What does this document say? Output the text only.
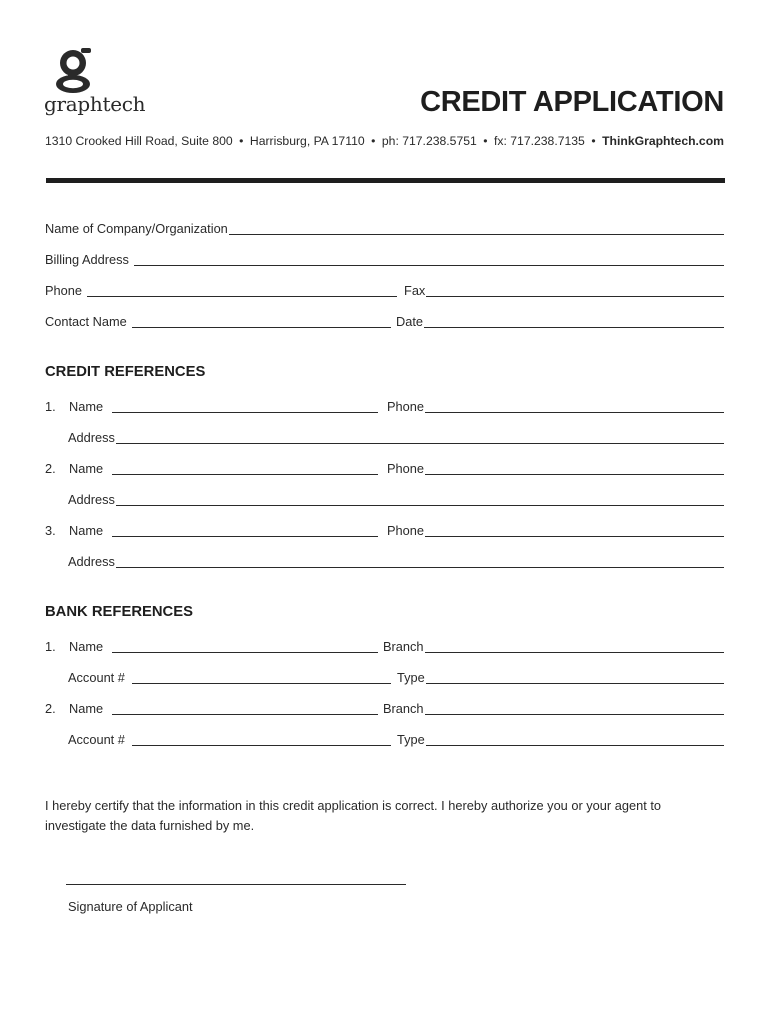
graphtech	CREDIT APPLICATION
1310 Crooked Hill Road, Suite 800 • Harrisburg, PA 17110 • ph: 717.238.5751 • fx: 717.238.7135 • ThinkGraphtech.com
Name of Company/Organization
Billing Address
Phone	Fax
Contact Name	Date
CREDIT REFERENCES
1.	Name	Phone
Address
2.	Name	Phone
Address
3.	Name	Phone
Address
BANK REFERENCES
1.	Name	Branch
Account #	Type
2.	Name	Branch
Account #	Type
I hereby certify that the information in this credit application is correct. I hereby authorize you or your agent to investigate the data furnished by me.
Signature of Applicant
